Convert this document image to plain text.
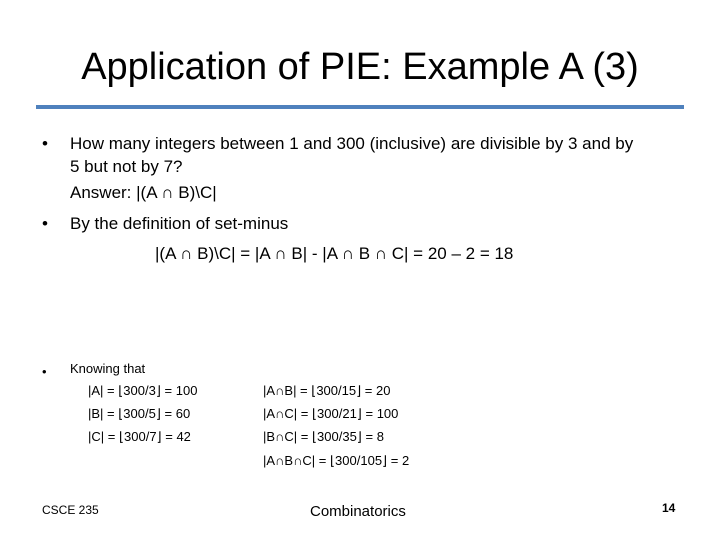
Application of PIE: Example A (3)
• How many integers between 1 and 300 (inclusive) are divisible by 3 and by
5 but not by 7?
Answer: |(A ∩ B)\C|
• By the definition of set-minus
|(A ∩ B)\C| = |A ∩ B| - |A ∩ B ∩ C| = 20 – 2 = 18
• Knowing that
|A| = ⌊300/3⌋ = 100
|B| = ⌊300/5⌋ = 60
|C| = ⌊300/7⌋ = 42
|A∩B| = ⌊300/15⌋ = 20
|A∩C| = ⌊300/21⌋ = 100
|B∩C| = ⌊300/35⌋ = 8
|A∩B∩C| = ⌊300/105⌋ = 2
CSCE 235	Combinatorics	14
